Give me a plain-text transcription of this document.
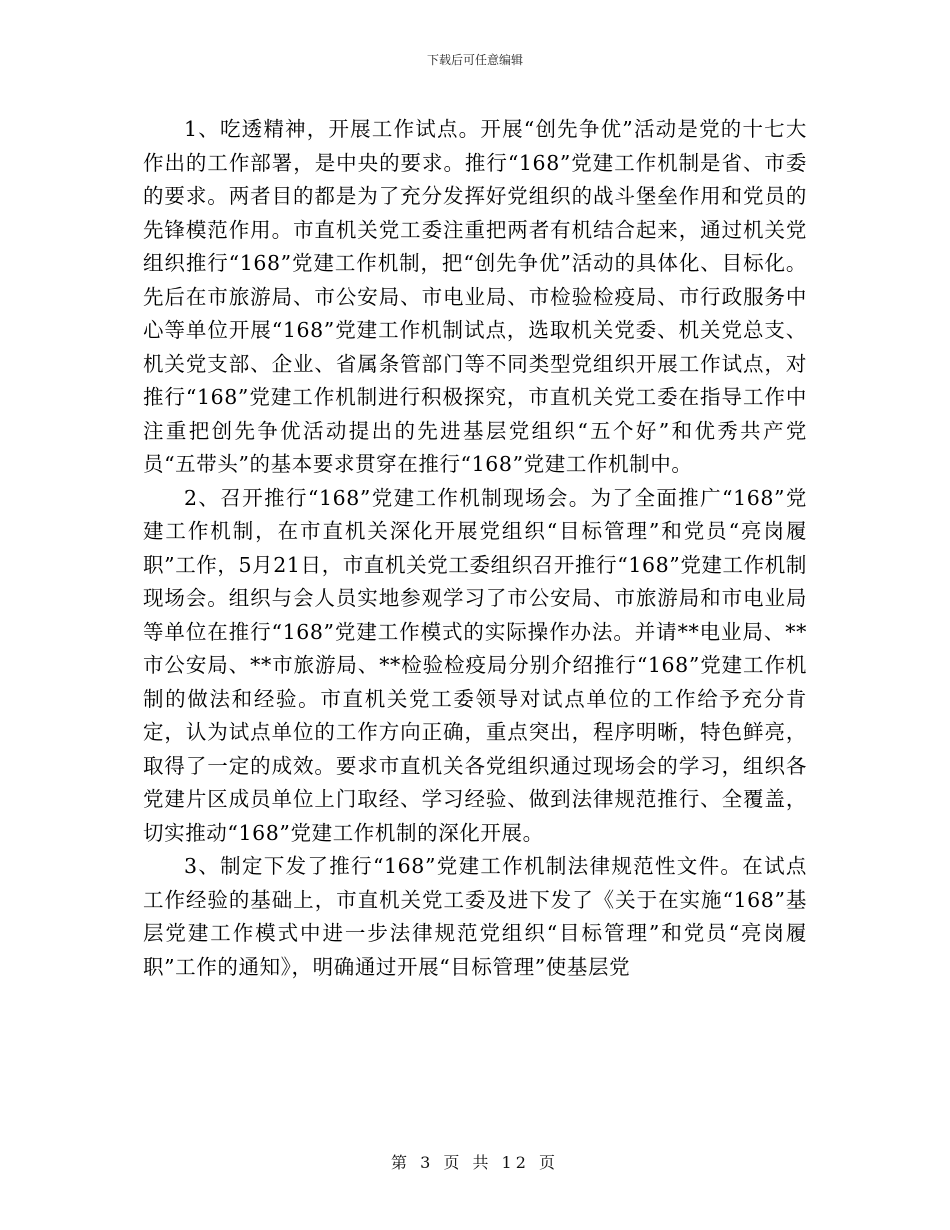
下载后可任意编辑

1、吃透精神，开展工作试点。开展“创先争优”活动是党的十七大作出的工作部署，是中央的要求。推行“168”党建工作机制是省、市委的要求。两者目的都是为了充分发挥好党组织的战斗堡垒作用和党员的先锋模范作用。市直机关党工委注重把两者有机结合起来，通过机关党组织推行“168”党建工作机制，把“创先争优”活动的具体化、目标化。先后在市旅游局、市公安局、市电业局、市检验检疫局、市行政服务中心等单位开展“168”党建工作机制试点，选取机关党委、机关党总支、机关党支部、企业、省属条管部门等不同类型党组织开展工作试点，对推行“168”党建工作机制进行积极探究，市直机关党工委在指导工作中注重把创先争优活动提出的先进基层党组织“五个好”和优秀共产党员“五带头”的基本要求贯穿在推行“168”党建工作机制中。

2、召开推行“168”党建工作机制现场会。为了全面推广“168”党建工作机制，在市直机关深化开展党组织“目标管理”和党员“亮岗履职”工作，5月21日，市直机关党工委组织召开推行“168”党建工作机制现场会。组织与会人员实地参观学习了市公安局、市旅游局和市电业局等单位在推行“168”党建工作模式的实际操作办法。并请**电业局、**市公安局、**市旅游局、**检验检疫局分别介绍推行“168”党建工作机制的做法和经验。市直机关党工委领导对试点单位的工作给予充分肯定，认为试点单位的工作方向正确，重点突出，程序明晰，特色鲜亮，取得了一定的成效。要求市直机关各党组织通过现场会的学习，组织各党建片区成员单位上门取经、学习经验、做到法律规范推行、全覆盖，切实推动“168”党建工作机制的深化开展。

3、制定下发了推行“168”党建工作机制法律规范性文件。在试点工作经验的基础上，市直机关党工委及进下发了《关于在实施“168”基层党建工作模式中进一步法律规范党组织“目标管理”和党员“亮岗履职”工作的通知》，明确通过开展“目标管理”使基层党

第 3 页 共 12 页
